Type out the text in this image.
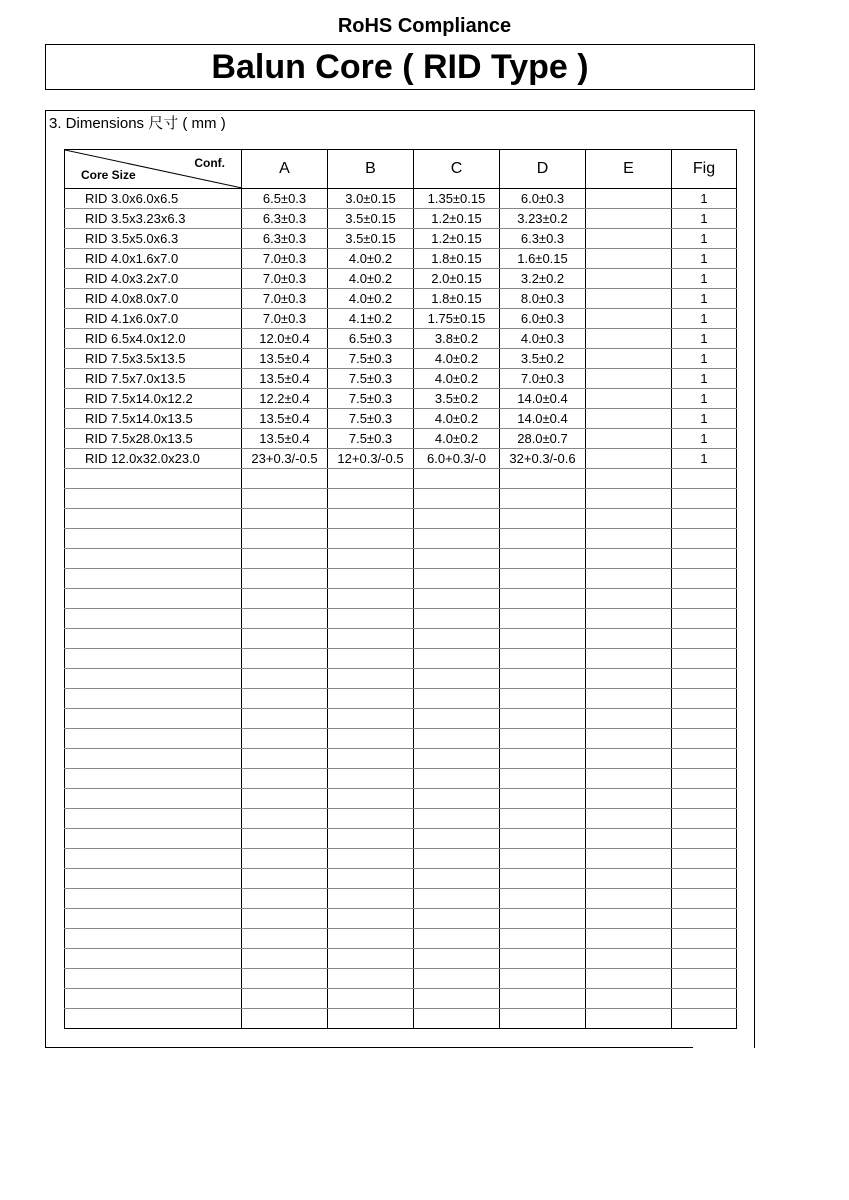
RoHS Compliance
Balun Core ( RID Type )
3. Dimensions 尺寸 ( mm )
Conf.
Core Size	A	B	C	D	E	Fig
RID 3.0x6.0x6.5	6.5±0.3	3.0±0.15	1.35±0.15	6.0±0.3		1
RID 3.5x3.23x6.3	6.3±0.3	3.5±0.15	1.2±0.15	3.23±0.2		1
RID 3.5x5.0x6.3	6.3±0.3	3.5±0.15	1.2±0.15	6.3±0.3		1
RID 4.0x1.6x7.0	7.0±0.3	4.0±0.2	1.8±0.15	1.6±0.15		1
RID 4.0x3.2x7.0	7.0±0.3	4.0±0.2	2.0±0.15	3.2±0.2		1
RID 4.0x8.0x7.0	7.0±0.3	4.0±0.2	1.8±0.15	8.0±0.3		1
RID 4.1x6.0x7.0	7.0±0.3	4.1±0.2	1.75±0.15	6.0±0.3		1
RID 6.5x4.0x12.0	12.0±0.4	6.5±0.3	3.8±0.2	4.0±0.3		1
RID 7.5x3.5x13.5	13.5±0.4	7.5±0.3	4.0±0.2	3.5±0.2		1
RID 7.5x7.0x13.5	13.5±0.4	7.5±0.3	4.0±0.2	7.0±0.3		1
RID 7.5x14.0x12.2	12.2±0.4	7.5±0.3	3.5±0.2	14.0±0.4		1
RID 7.5x14.0x13.5	13.5±0.4	7.5±0.3	4.0±0.2	14.0±0.4		1
RID 7.5x28.0x13.5	13.5±0.4	7.5±0.3	4.0±0.2	28.0±0.7		1
RID 12.0x32.0x23.0	23+0.3/-0.5	12+0.3/-0.5	6.0+0.3/-0	32+0.3/-0.6		1
